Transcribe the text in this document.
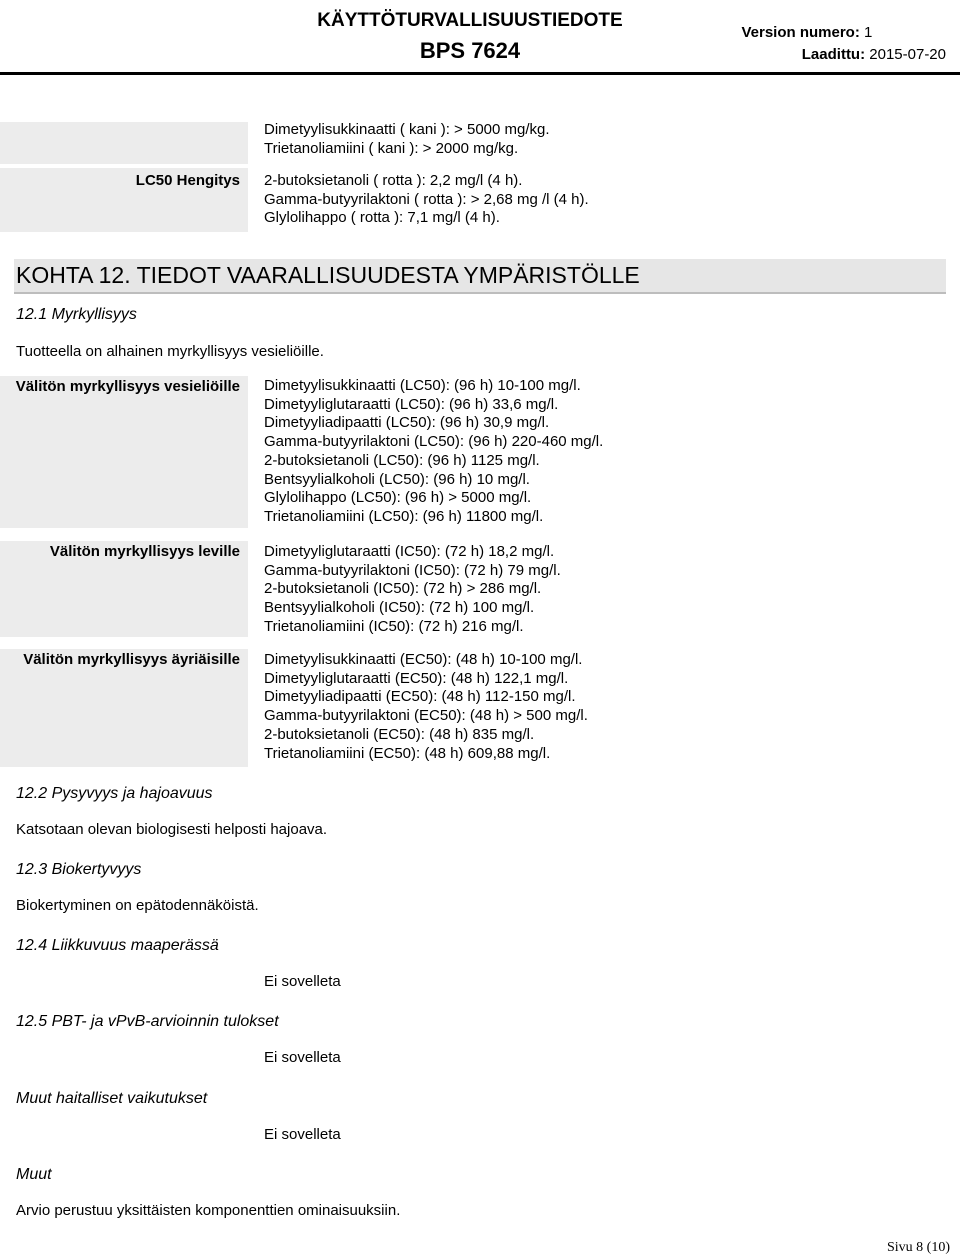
KÄYTTÖTURVALLISUUSTIEDOTE
BPS 7624
Version numero: 1
Laadittu: 2015-07-20
Dimetyylisukkinaatti ( kani ): > 5000 mg/kg.
Trietanoliamiini ( kani ): > 2000 mg/kg.
LC50 Hengitys	2-butoksietanoli ( rotta ): 2,2 mg/l (4 h).
Gamma-butyyrilaktoni ( rotta ): > 2,68 mg /l (4 h).
Glylolihappo ( rotta ): 7,1 mg/l (4 h).
KOHTA 12. TIEDOT VAARALLISUUDESTA YMPÄRISTÖLLE
12.1 Myrkyllisyys
Tuotteella on alhainen myrkyllisyys vesieliöille.
Välitön myrkyllisyys vesieliöille	Dimetyylisukkinaatti (LC50): (96 h) 10-100 mg/l.
Dimetyyliglutaraatti (LC50): (96 h) 33,6 mg/l.
Dimetyyliadipaatti (LC50): (96 h) 30,9 mg/l.
Gamma-butyyrilaktoni (LC50): (96 h) 220-460 mg/l.
2-butoksietanoli (LC50): (96 h) 1125 mg/l.
Bentsyylialkoholi (LC50): (96 h) 10 mg/l.
Glylolihappo (LC50): (96 h) > 5000 mg/l.
Trietanoliamiini (LC50): (96 h) 11800 mg/l.
Välitön myrkyllisyys leville	Dimetyyliglutaraatti (IC50): (72 h) 18,2 mg/l.
Gamma-butyyrilaktoni (IC50): (72 h) 79 mg/l.
2-butoksietanoli (IC50): (72 h) > 286 mg/l.
Bentsyylialkoholi (IC50): (72 h) 100 mg/l.
Trietanoliamiini (IC50): (72 h) 216 mg/l.
Välitön myrkyllisyys äyriäisille	Dimetyylisukkinaatti (EC50): (48 h) 10-100 mg/l.
Dimetyyliglutaraatti (EC50): (48 h) 122,1 mg/l.
Dimetyyliadipaatti (EC50): (48 h) 112-150 mg/l.
Gamma-butyyrilaktoni (EC50): (48 h) > 500 mg/l.
2-butoksietanoli (EC50): (48 h) 835 mg/l.
Trietanoliamiini (EC50): (48 h) 609,88 mg/l.
12.2 Pysyvyys ja hajoavuus
Katsotaan olevan biologisesti helposti hajoava.
12.3 Biokertyvyys
Biokertyminen on epätodennäköistä.
12.4 Liikkuvuus maaperässä
Ei sovelleta
12.5 PBT- ja vPvB-arvioinnin tulokset
Ei sovelleta
Muut haitalliset vaikutukset
Ei sovelleta
Muut
Arvio perustuu yksittäisten komponenttien ominaisuuksiin.
Sivu 8 (10)
